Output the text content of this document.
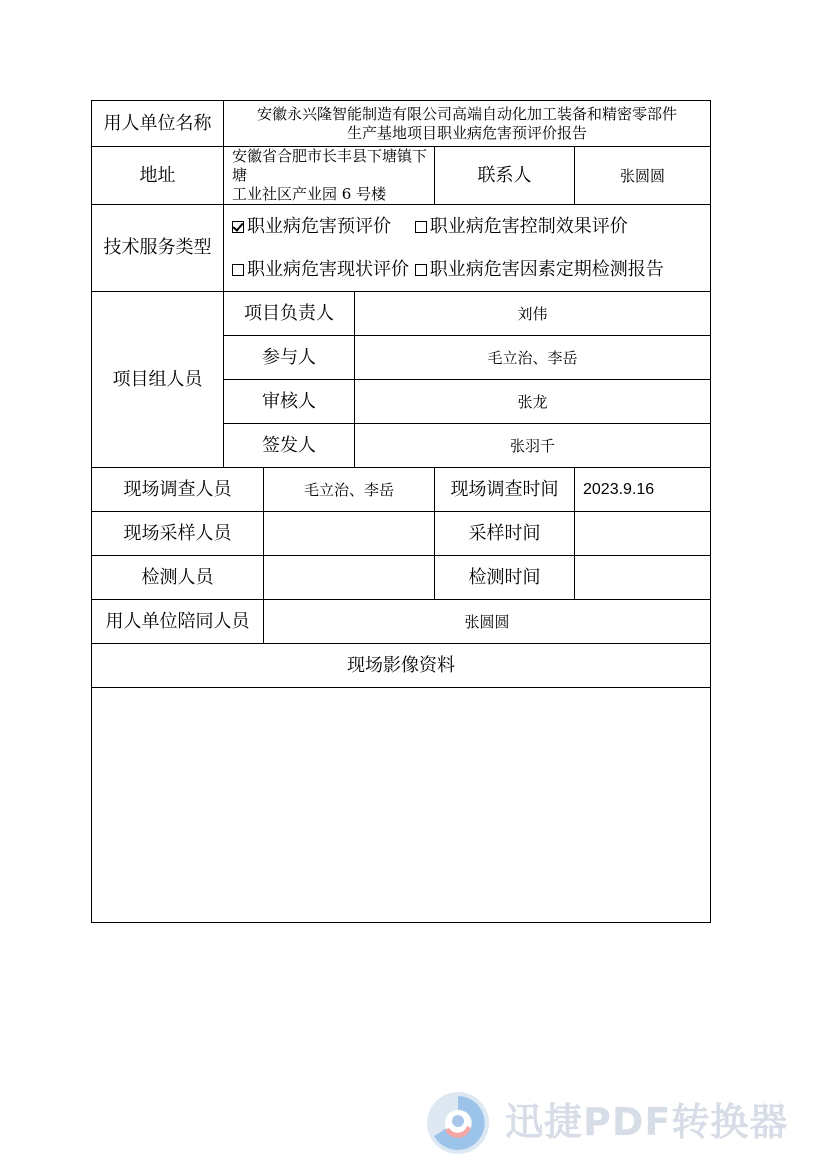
用人单位名称	安徽永兴隆智能制造有限公司高端自动化加工装备和精密零部件
生产基地项目职业病危害预评价报告				

地址	安徽省合肥市长丰县下塘镇下塘
工业社区产业园 6 号楼			联系人	张圆圆
技术服务类型	职业病危害预评价 职业病危害控制效果评价
职业病危害现状评价 职业病危害因素定期检测报告				

项目组人员	项目负责人		刘伟		
	参与人		毛立治、李岳		
	审核人		张龙		
	签发人		张羽千		
现场调查人员		毛立治、李岳		现场调查时间	2023.9.16
现场采样人员				采样时间	
检测人员				检测时间	
用人单位陪同人员		张圆圆			
现场影像资料					

迅捷PDF转换器
